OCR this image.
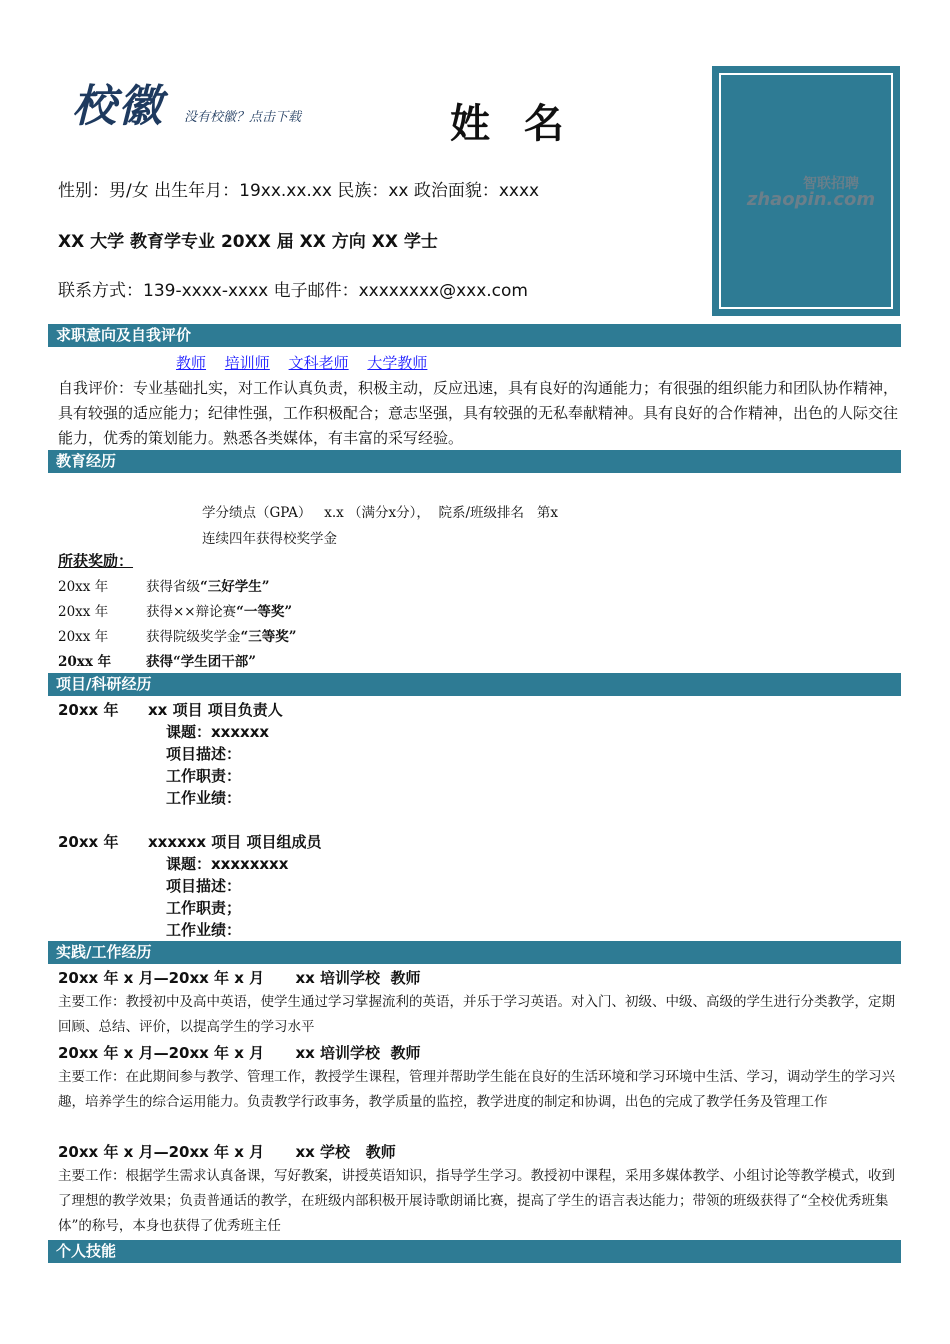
校徽 没有校徽？点击下载	姓 名
性别：男/女 出生年月：19xx.xx.xx 民族：xx 政治面貌：xxxx
XX 大学 教育学专业 20XX 届 XX 方向 XX 学士
联系方式：139-xxxx-xxxx 电子邮件：xxxxxxxx@xxx.com
智联招聘
zhaopin.com
求职意向及自我评价
教师 培训师 文科老师 大学教师
自我评价：专业基础扎实，对工作认真负责，积极主动，反应迅速，具有良好的沟通能力；有很强的组织能力和团队协作精神，具有较强的适应能力；纪律性强，工作积极配合；意志坚强，具有较强的无私奉献精神。具有良好的合作精神，出色的人际交往能力，优秀的策划能力。熟悉各类媒体，有丰富的采写经验。
教育经历
学分绩点（GPA）   x.x （满分x分），  院系/班级排名   第x
连续四年获得校奖学金
所获奖励：
20xx 年	获得省级“三好学生”
20xx 年	获得××辩论赛“一等奖”
20xx 年	获得院级奖学金“三等奖”
20xx 年	获得“学生团干部”
项目/科研经历
20xx 年 xx 项目 项目负责人
课题：xxxxxx
项目描述：
工作职责：
工作业绩：
20xx 年 xxxxxx 项目 项目组成员
课题：xxxxxxxx
项目描述：
工作职责；
工作业绩：
实践/工作经历
20xx 年 x 月—20xx 年 x 月      xx 培训学校  教师
主要工作：教授初中及高中英语，使学生通过学习掌握流利的英语，并乐于学习英语。对入门、初级、中级、高级的学生进行分类教学，定期回顾、总结、评价，以提高学生的学习水平
20xx 年 x 月—20xx 年 x 月      xx 培训学校  教师
主要工作：在此期间参与教学、管理工作，教授学生课程，管理并帮助学生能在良好的生活环境和学习环境中生活、学习，调动学生的学习兴趣，培养学生的综合运用能力。负责教学行政事务，教学质量的监控，教学进度的制定和协调，出色的完成了教学任务及管理工作
20xx 年 x 月—20xx 年 x 月      xx 学校   教师
主要工作：根据学生需求认真备课，写好教案，讲授英语知识，指导学生学习。教授初中课程，采用多媒体教学、小组讨论等教学模式，收到了理想的教学效果；负责普通话的教学，在班级内部积极开展诗歌朗诵比赛，提高了学生的语言表达能力；带领的班级获得了“全校优秀班集体”的称号，本身也获得了优秀班主任
个人技能
